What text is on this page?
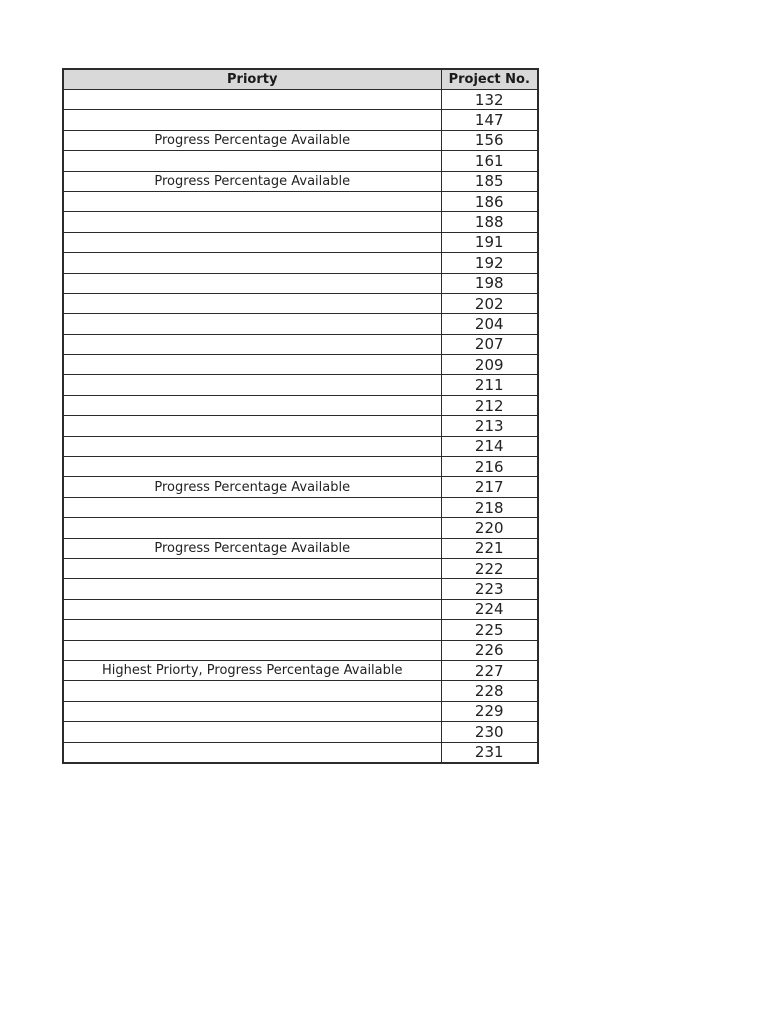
Priorty	Project No.
	132
	147
Progress Percentage Available	156
	161
Progress Percentage Available	185
	186
	188
	191
	192
	198
	202
	204
	207
	209
	211
	212
	213
	214
	216
Progress Percentage Available	217
	218
	220
Progress Percentage Available	221
	222
	223
	224
	225
	226
Highest Priorty, Progress Percentage Available	227
	228
	229
	230
	231
